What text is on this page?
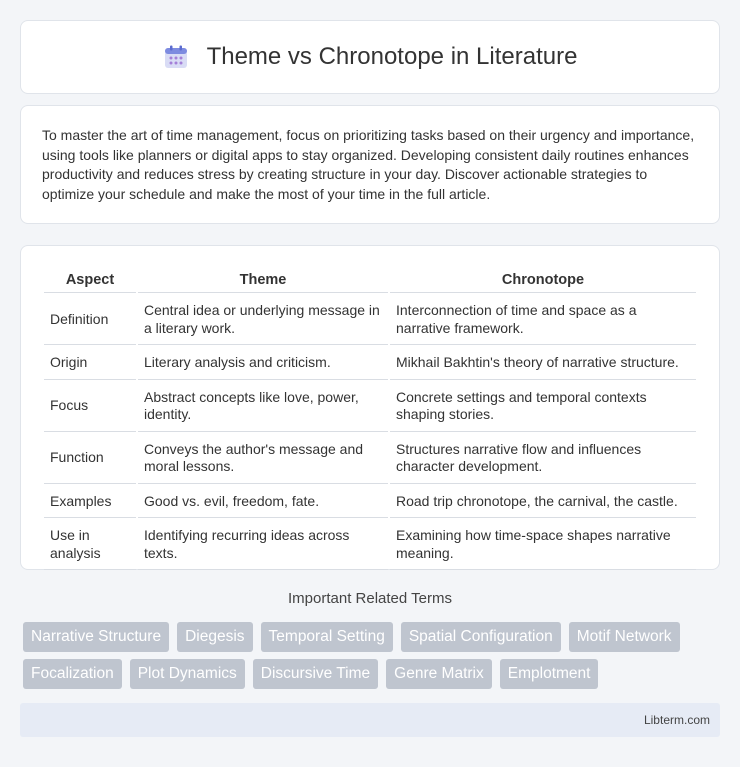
Theme vs Chronotope in Literature

To master the art of time management, focus on prioritizing tasks based on their urgency and importance, using tools like planners or digital apps to stay organized. Developing consistent daily routines enhances productivity and reduces stress by creating structure in your day. Discover actionable strategies to optimize your schedule and make the most of your time in the full article.

Aspect	Theme	Chronotope
Definition	Central idea or underlying message in a literary work.	Interconnection of time and space as a narrative framework.
Origin	Literary analysis and criticism.	Mikhail Bakhtin's theory of narrative structure.
Focus	Abstract concepts like love, power, identity.	Concrete settings and temporal contexts shaping stories.
Function	Conveys the author's message and moral lessons.	Structures narrative flow and influences character development.
Examples	Good vs. evil, freedom, fate.	Road trip chronotope, the carnival, the castle.
Use in analysis	Identifying recurring ideas across texts.	Examining how time-space shapes narrative meaning.
Important Related Terms
Narrative Structure	Diegesis	Temporal Setting	Spatial Configuration	Motif Network
Focalization	Plot Dynamics	Discursive Time	Genre Matrix	Emplotment
Libterm.com
